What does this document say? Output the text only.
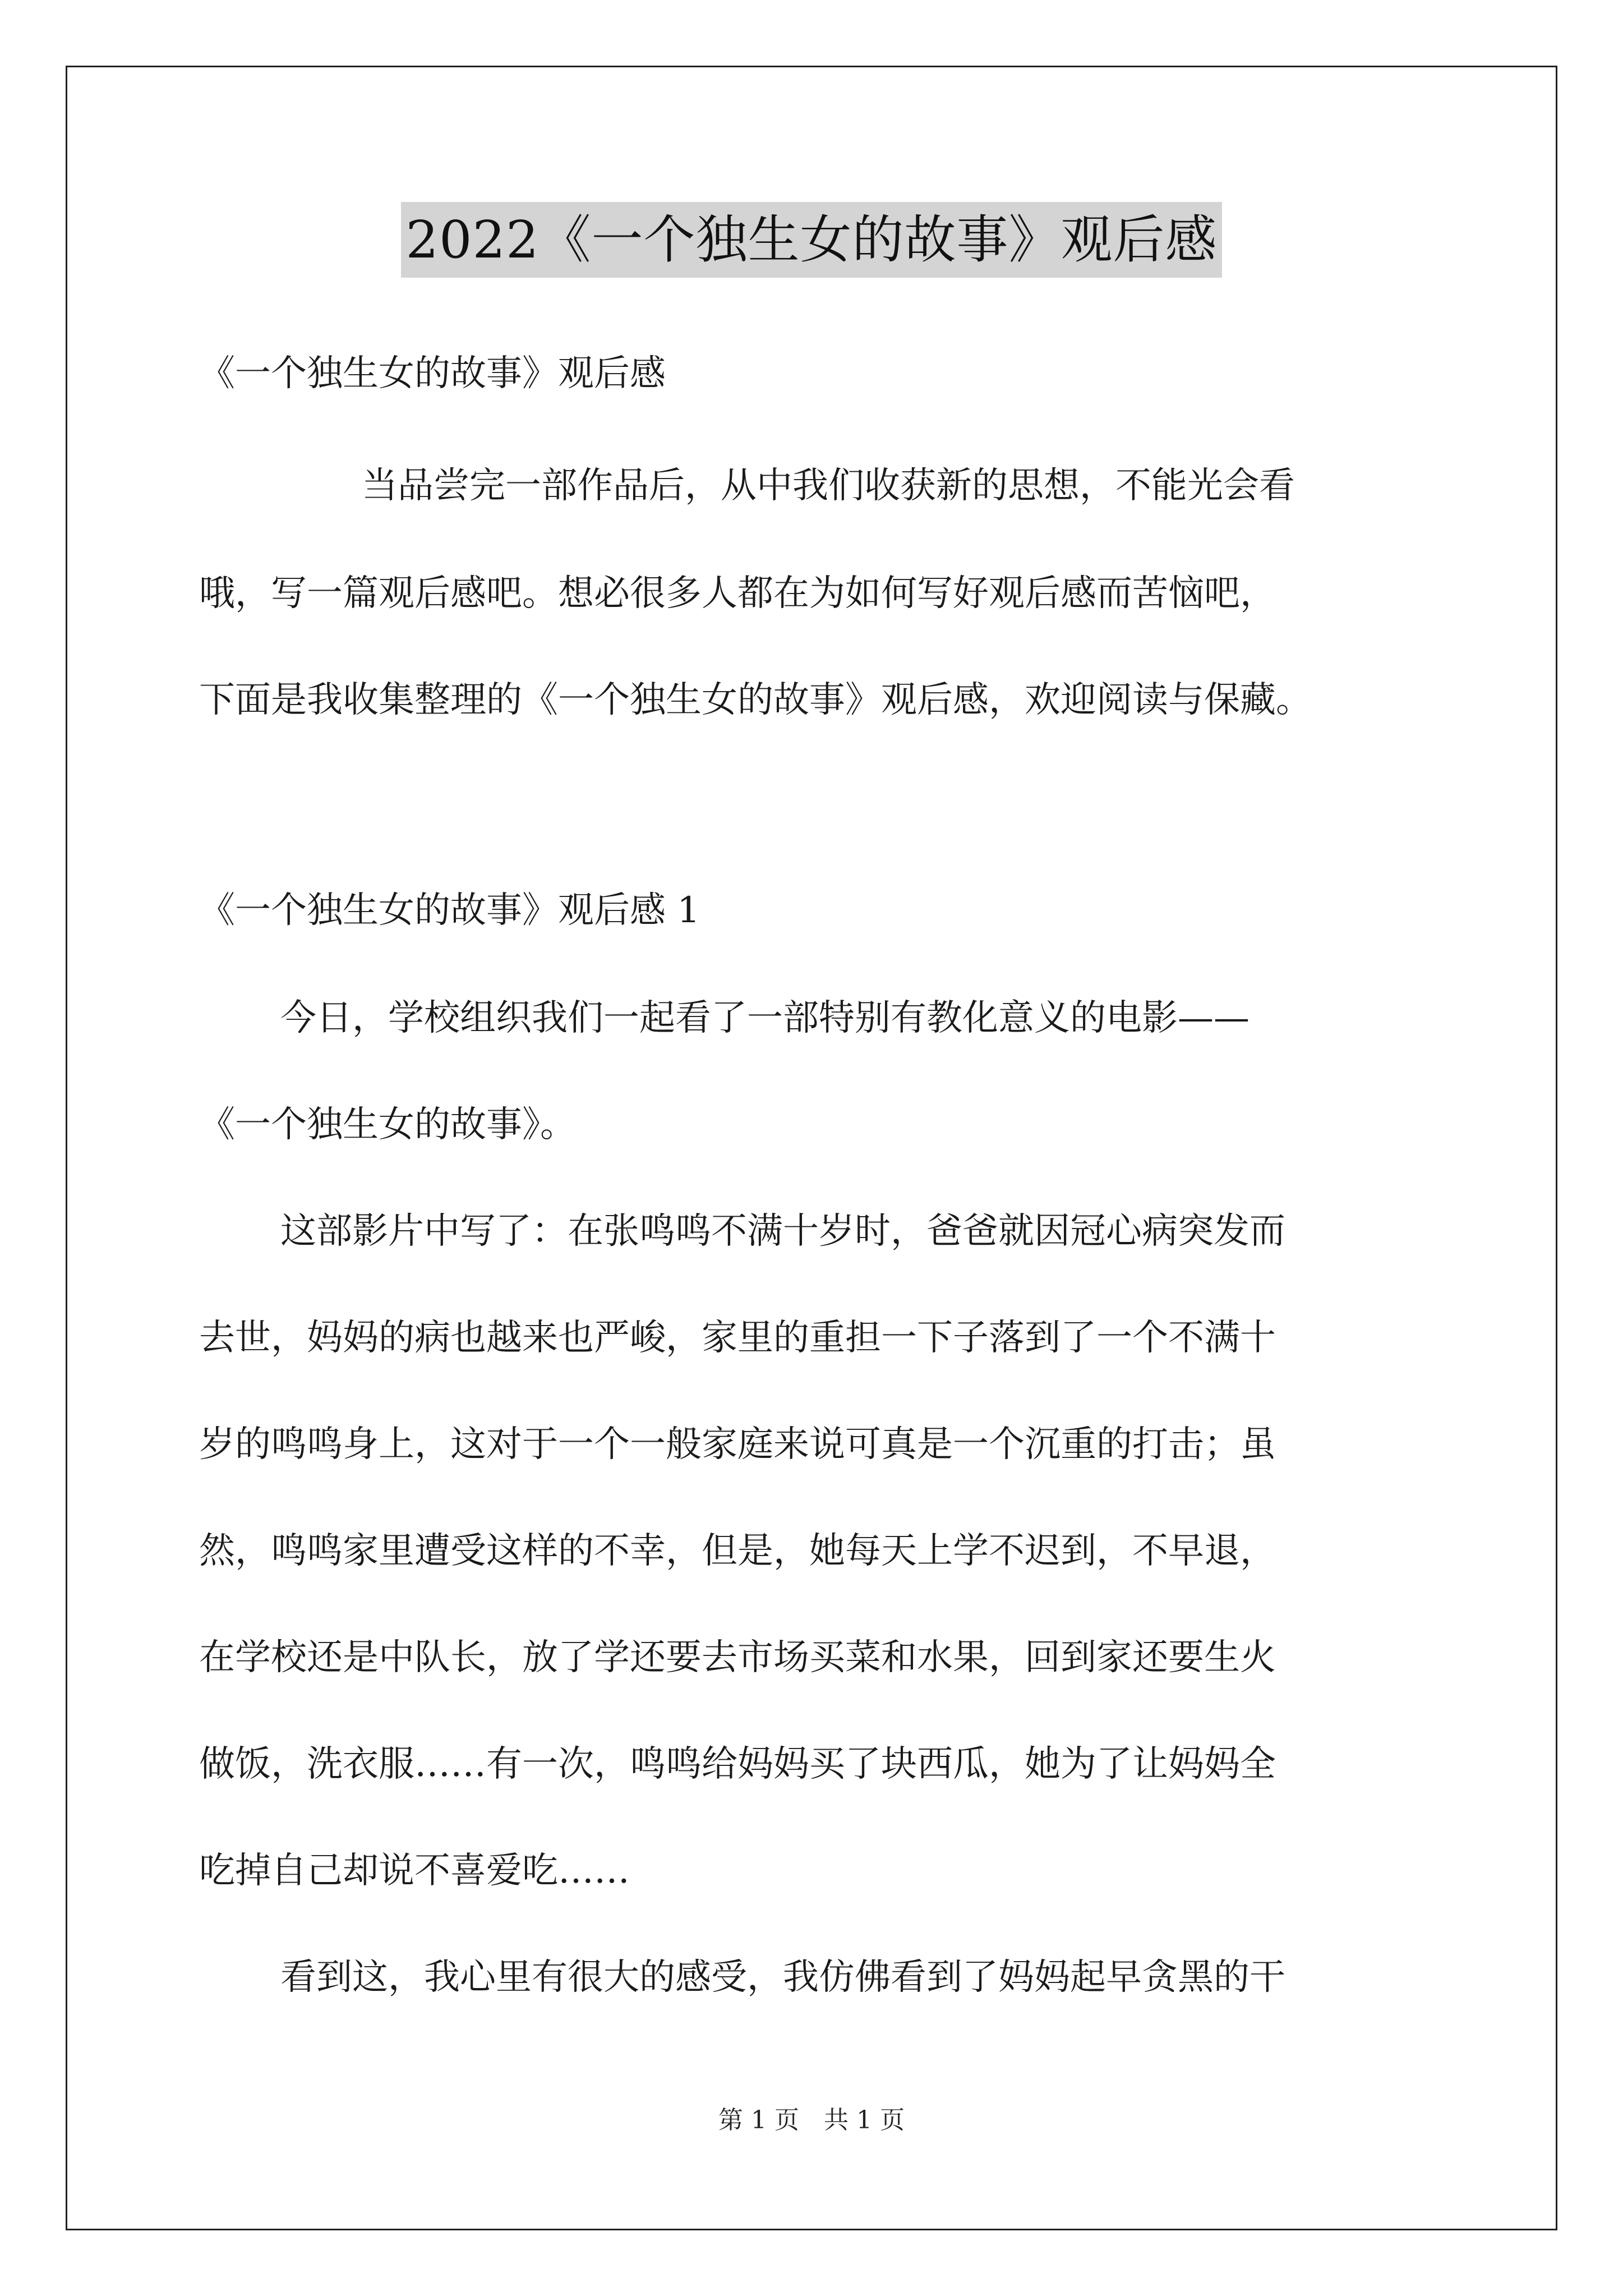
2022《一个独生女的故事》观后感
《一个独生女的故事》观后感
当品尝完一部作品后，从中我们收获新的思想，不能光会看
哦，写一篇观后感吧。想必很多人都在为如何写好观后感而苦恼吧，
下面是我收集整理的《一个独生女的故事》观后感，欢迎阅读与保藏。
《一个独生女的故事》观后感 1
今日，学校组织我们一起看了一部特别有教化意义的电影——
《一个独生女的故事》。
这部影片中写了：在张鸣鸣不满十岁时，爸爸就因冠心病突发而
去世，妈妈的病也越来也严峻，家里的重担一下子落到了一个不满十
岁的鸣鸣身上，这对于一个一般家庭来说可真是一个沉重的打击；虽
然，鸣鸣家里遭受这样的不幸，但是，她每天上学不迟到，不早退，
在学校还是中队长，放了学还要去市场买菜和水果，回到家还要生火
做饭，洗衣服……有一次，鸣鸣给妈妈买了块西瓜，她为了让妈妈全
吃掉自己却说不喜爱吃……
看到这，我心里有很大的感受，我仿佛看到了妈妈起早贪黑的干
第 1 页　共 1 页
